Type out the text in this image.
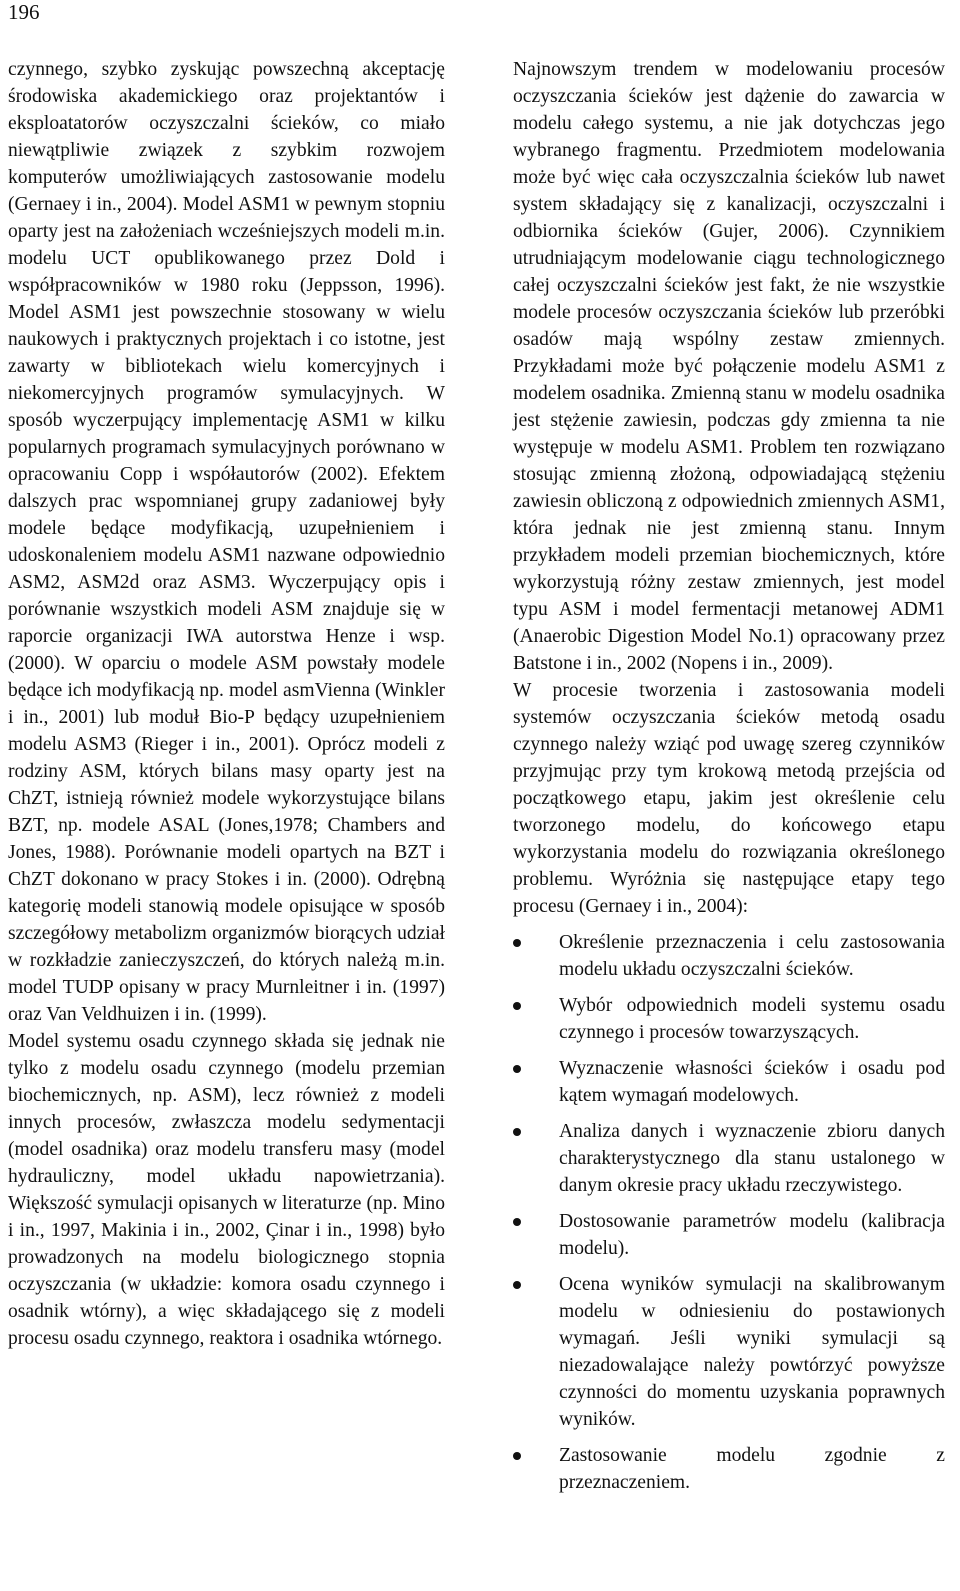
196

czynnego, szybko zyskując powszechną akceptację środowiska akademickiego oraz projektantów i eksploatatorów oczyszczalni ścieków, co miało niewątpliwie związek z szybkim rozwojem komputerów umożliwiających zastosowanie modelu (Gernaey i in., 2004). Model ASM1 w pewnym stopniu oparty jest na założeniach wcześniejszych modeli m.in. modelu UCT opublikowanego przez Dold i współpracowników w 1980 roku (Jeppsson, 1996). Model ASM1 jest powszechnie stosowany w wielu naukowych i praktycznych projektach i co istotne, jest zawarty w bibliotekach wielu komercyjnych i niekomercyjnych programów symulacyjnych. W sposób wyczerpujący implementację ASM1 w kilku popularnych programach symulacyjnych porównano w opracowaniu Copp i współautorów (2002). Efektem dalszych prac wspomnianej grupy zadaniowej były modele będące modyfikacją, uzupełnieniem i udoskonaleniem modelu ASM1 nazwane odpowiednio ASM2, ASM2d oraz ASM3. Wyczerpujący opis i porównanie wszystkich modeli ASM znajduje się w raporcie organizacji IWA autorstwa Henze i wsp. (2000). W oparciu o modele ASM powstały modele będące ich modyfikacją np. model asmVienna (Winkler i in., 2001) lub moduł Bio-P będący uzupełnieniem modelu ASM3 (Rieger i in., 2001). Oprócz modeli z rodziny ASM, których bilans masy oparty jest na ChZT, istnieją również modele wykorzystujące bilans BZT, np. modele ASAL (Jones,1978; Chambers and Jones, 1988). Porównanie modeli opartych na BZT i ChZT dokonano w pracy Stokes i in. (2000). Odrębną kategorię modeli stanowią modele opisujące w sposób szczegółowy metabolizm organizmów biorących udział w rozkładzie zanieczyszczeń, do których należą m.in. model TUDP opisany w pracy Murnleitner i in. (1997) oraz Van Veldhuizen i in. (1999).

Model systemu osadu czynnego składa się jednak nie tylko z modelu osadu czynnego (modelu przemian biochemicznych, np. ASM), lecz również z modeli innych procesów, zwłaszcza modelu sedymentacji (model osadnika) oraz modelu transferu masy (model hydrauliczny, model układu napowietrzania). Większość symulacji opisanych w literaturze (np. Mino i in., 1997, Makinia i in., 2002, Çinar i in., 1998) było prowadzonych na modelu biologicznego stopnia oczyszczania (w układzie: komora osadu czynnego i osadnik wtórny), a więc składającego się z modeli procesu osadu czynnego, reaktora i osadnika wtórnego.

Najnowszym trendem w modelowaniu procesów oczyszczania ścieków jest dążenie do zawarcia w modelu całego systemu, a nie jak dotychczas jego wybranego fragmentu. Przedmiotem modelowania może być więc cała oczyszczalnia ścieków lub nawet system składający się z kanalizacji, oczyszczalni i odbiornika ścieków (Gujer, 2006). Czynnikiem utrudniającym modelowanie ciągu technologicznego całej oczyszczalni ścieków jest fakt, że nie wszystkie modele procesów oczyszczania ścieków lub przeróbki osadów mają wspólny zestaw zmiennych. Przykładami może być połączenie modelu ASM1 z modelem osadnika. Zmienną stanu w modelu osadnika jest stężenie zawiesin, podczas gdy zmienna ta nie występuje w modelu ASM1. Problem ten rozwiązano stosując zmienną złożoną, odpowiadającą stężeniu zawiesin obliczoną z odpowiednich zmiennych ASM1, która jednak nie jest zmienną stanu. Innym przykładem modeli przemian biochemicznych, które wykorzystują różny zestaw zmiennych, jest model typu ASM i model fermentacji metanowej ADM1 (Anaerobic Digestion Model No.1) opracowany przez Batstone i in., 2002 (Nopens i in., 2009).

W procesie tworzenia i zastosowania modeli systemów oczyszczania ścieków metodą osadu czynnego należy wziąć pod uwagę szereg czynników przyjmując przy tym krokową metodą przejścia od początkowego etapu, jakim jest określenie celu tworzonego modelu, do końcowego etapu wykorzystania modelu do rozwiązania określonego problemu. Wyróżnia się następujące etapy tego procesu (Gernaey i in., 2004):

Określenie przeznaczenia i celu zastosowania modelu układu oczyszczalni ścieków.
Wybór odpowiednich modeli systemu osadu czynnego i procesów towarzyszących.
Wyznaczenie własności ścieków i osadu pod kątem wymagań modelowych.
Analiza danych i wyznaczenie zbioru danych charakterystycznego dla stanu ustalonego w danym okresie pracy układu rzeczywistego.
Dostosowanie parametrów modelu (kalibracja modelu).
Ocena wyników symulacji na skalibrowanym modelu w odniesieniu do postawionych wymagań. Jeśli wyniki symulacji są niezadowalające należy powtórzyć powyższe czynności do momentu uzyskania poprawnych wyników.
Zastosowanie modelu zgodnie z przeznaczeniem.
